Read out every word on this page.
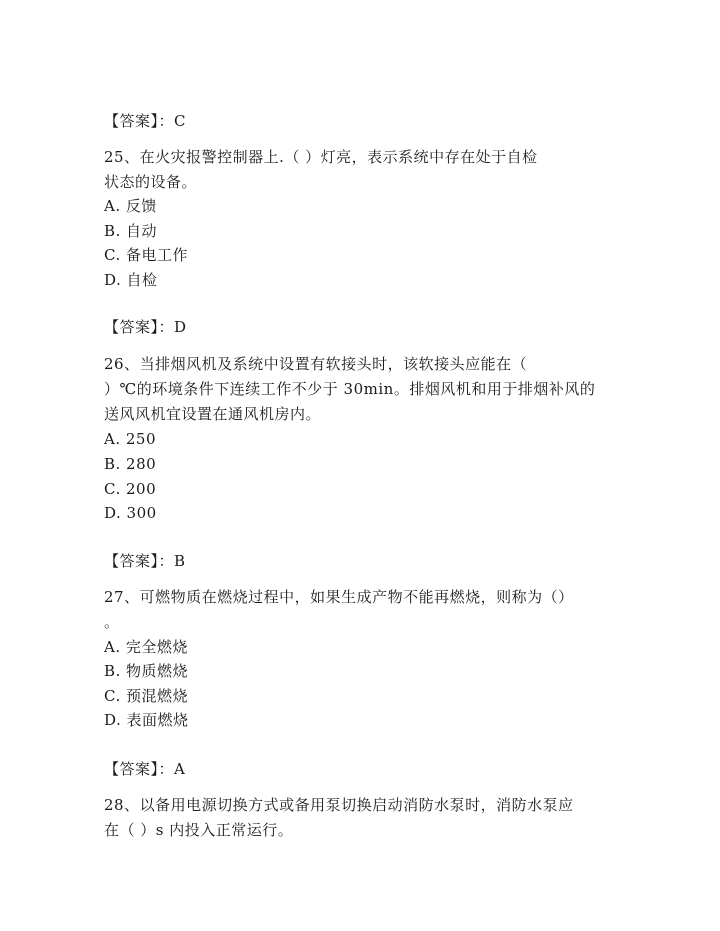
【答案】：C
25、在火灾报警控制器上.（ ）灯亮，表示系统中存在处于自检
状态的设备。
A. 反馈
B. 自动
C. 备电工作
D. 自检
【答案】：D
26、当排烟风机及系统中设置有软接头时，该软接头应能在（
）℃的环境条件下连续工作不少于 30min。排烟风机和用于排烟补风的
送风风机宜设置在通风机房内。
A. 250
B. 280
C. 200
D. 300
【答案】：B
27、可燃物质在燃烧过程中，如果生成产物不能再燃烧，则称为（）
。
A. 完全燃烧
B. 物质燃烧
C. 预混燃烧
D. 表面燃烧
【答案】：A
28、以备用电源切换方式或备用泵切换启动消防水泵时，消防水泵应
在（ ）s 内投入正常运行。
